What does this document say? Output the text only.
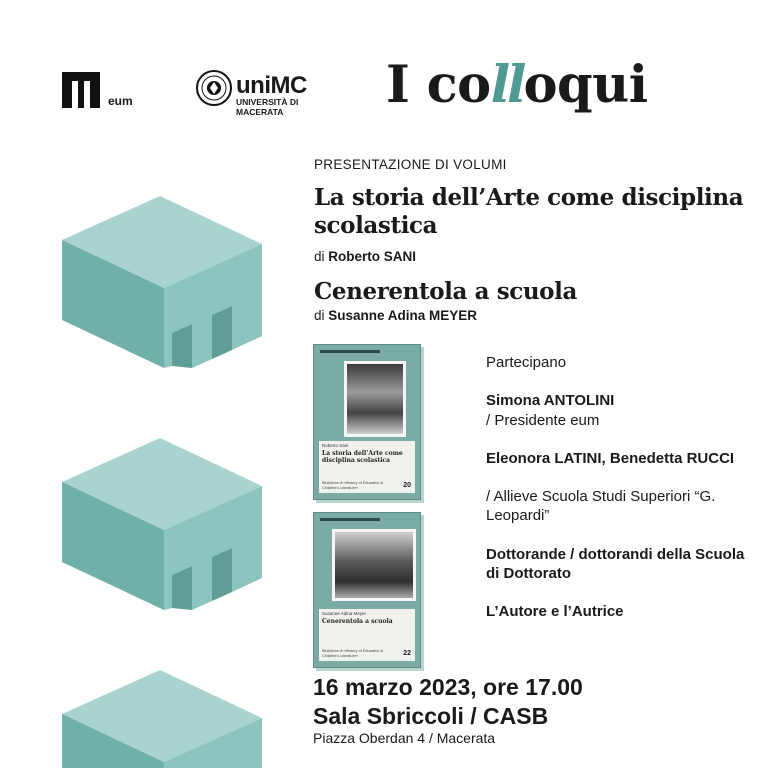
eum
uniMC
UNIVERSITÀ DI MACERATA	I colloqui
PRESENTAZIONE DI VOLUMI
La storia dell’Arte come disciplina scolastica
di Roberto SANI
Cenerentola a scuola
di Susanne Adina MEYER
Roberto Sani
La storia dell’Arte come disciplina scolastica
Biblioteca di «History of Education & Children’s Literature»	20
Susanne Adina Meyer
Cenerentola a scuola
Biblioteca di «History of Education & Children’s Literature»	22
Partecipano
Simona ANTOLINI
/ Presidente eum
Eleonora LATINI, Benedetta RUCCI
/ Allieve Scuola Studi Superiori “G. Leopardi”
Dottorande / dottorandi della Scuola di Dottorato
L’Autore e l’Autrice
16 marzo 2023, ore 17.00
Sala Sbriccoli / CASB
Piazza Oberdan 4 / Macerata
